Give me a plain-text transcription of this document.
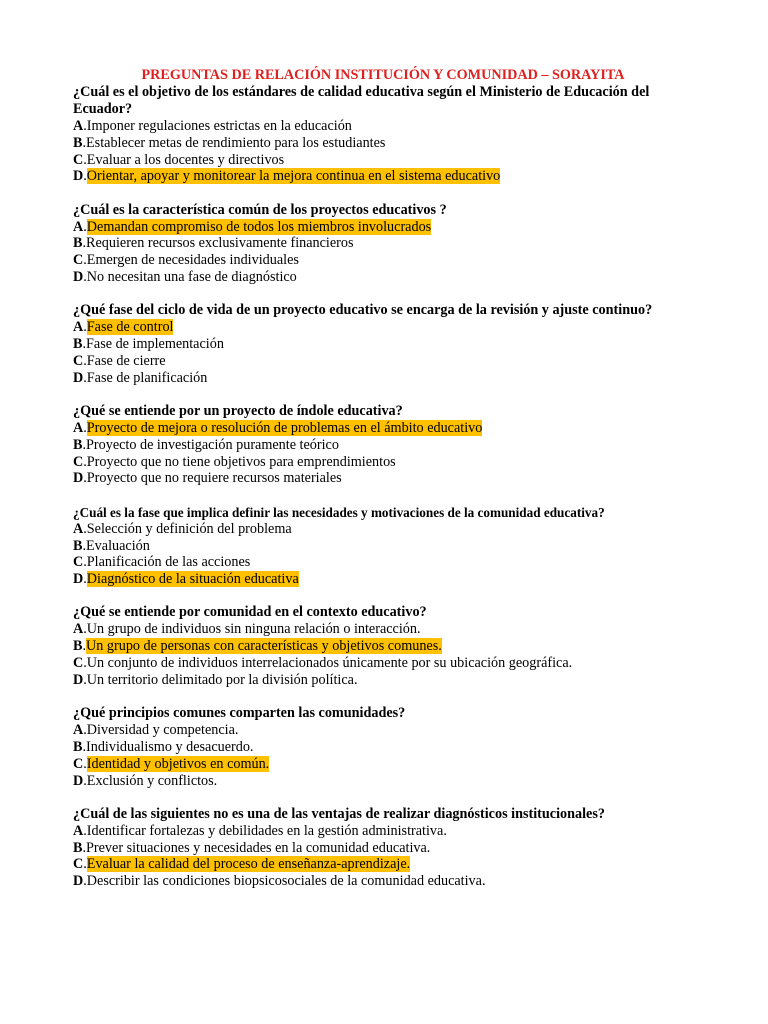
PREGUNTAS DE RELACIÓN INSTITUCIÓN Y COMUNIDAD – SORAYITA
¿Cuál es el objetivo de los estándares de calidad educativa según el Ministerio de Educación del Ecuador?
A.Imponer regulaciones estrictas en la educación
B.Establecer metas de rendimiento para los estudiantes
C.Evaluar a los docentes y directivos
D.Orientar, apoyar y monitorear la mejora continua en el sistema educativo
¿Cuál es la característica común de los proyectos educativos ?
A.Demandan compromiso de todos los miembros involucrados
B.Requieren recursos exclusivamente financieros
C.Emergen de necesidades individuales
D.No necesitan una fase de diagnóstico
¿Qué fase del ciclo de vida de un proyecto educativo se encarga de la revisión y ajuste continuo?
A.Fase de control
B.Fase de implementación
C.Fase de cierre
D.Fase de planificación
¿Qué se entiende por un proyecto de índole educativa?
A.Proyecto de mejora o resolución de problemas en el ámbito educativo
B.Proyecto de investigación puramente teórico
C.Proyecto que no tiene objetivos para emprendimientos
D.Proyecto que no requiere recursos materiales
¿Cuál es la fase que implica definir las necesidades y motivaciones de la comunidad educativa?
A.Selección y definición del problema
B.Evaluación
C.Planificación de las acciones
D.Diagnóstico de la situación educativa
¿Qué se entiende por comunidad en el contexto educativo?
A.Un grupo de individuos sin ninguna relación o interacción.
B.Un grupo de personas con características y objetivos comunes.
C.Un conjunto de individuos interrelacionados únicamente por su ubicación geográfica.
D.Un territorio delimitado por la división política.
¿Qué principios comunes comparten las comunidades?
A.Diversidad y competencia.
B.Individualismo y desacuerdo.
C.Identidad y objetivos en común.
D.Exclusión y conflictos.
¿Cuál de las siguientes no es una de las ventajas de realizar diagnósticos institucionales?
A.Identificar fortalezas y debilidades en la gestión administrativa.
B.Prever situaciones y necesidades en la comunidad educativa.
C.Evaluar la calidad del proceso de enseñanza-aprendizaje.
D.Describir las condiciones biopsicosociales de la comunidad educativa.
